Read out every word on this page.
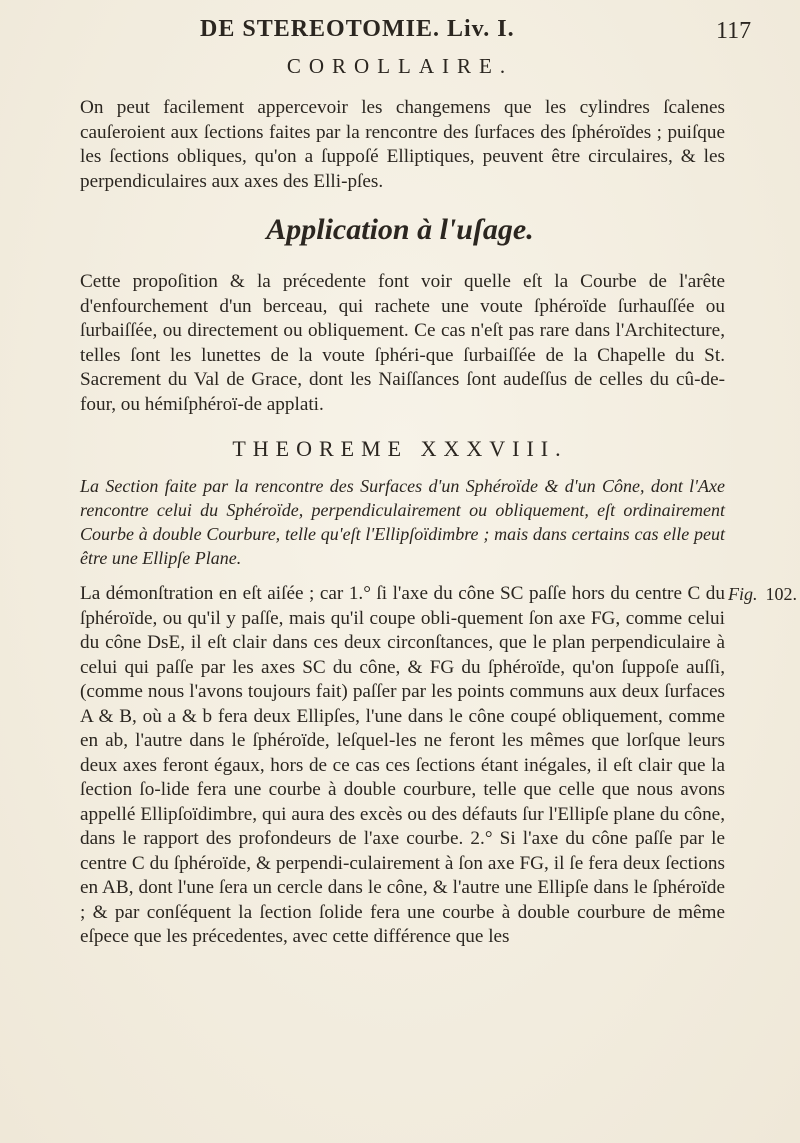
DE STEREOTOMIE. Liv. I.	117
COROLLAIRE.

On peut facilement appercevoir les changemens que les cylindres ſcalenes cauſeroient aux ſections faites par la rencontre des ſurfaces des ſphéroïdes ; puiſque les ſections obliques, qu'on a ſuppoſé Elliptiques, peuvent être circulaires, & les perpendiculaires aux axes des Elli-pſes.

Application à l'uſage.

Cette propoſition & la précedente font voir quelle eſt la Courbe de l'arête d'enfourchement d'un berceau, qui rachete une voute ſphéroïde ſurhauſſée ou ſurbaiſſée, ou directement ou obliquement. Ce cas n'eſt pas rare dans l'Architecture, telles ſont les lunettes de la voute ſphéri-que ſurbaiſſée de la Chapelle du St. Sacrement du Val de Grace, dont les Naiſſances ſont audeſſus de celles du cû-de-four, ou hémiſphéroï-de applati.

THEOREME XXXVIII.

La Section faite par la rencontre des Surfaces d'un Sphéroïde & d'un Cône, dont l'Axe rencontre celui du Sphéroïde, perpendiculairement ou obliquement, eſt ordinairement Courbe à double Courbure, telle qu'eſt l'Ellipſoïdimbre ; mais dans certains cas elle peut être une Ellipſe Plane.

Fig. 102.

La démonſtration en eſt aiſée ; car 1.° ſi l'axe du cône SC paſſe hors du centre C du ſphéroïde, ou qu'il y paſſe, mais qu'il coupe obli-quement ſon axe FG, comme celui du cône DsE, il eſt clair dans ces deux circonſtances, que le plan perpendiculaire à celui qui paſſe par les axes SC du cône, & FG du ſphéroïde, qu'on ſuppoſe auſſi, (comme nous l'avons toujours fait) paſſer par les points communs aux deux ſurfaces A & B, où a & b fera deux Ellipſes, l'une dans le cône coupé obliquement, comme en ab, l'autre dans le ſphéroïde, leſquel-les ne feront les mêmes que lorſque leurs deux axes feront égaux, hors de ce cas ces ſections étant inégales, il eſt clair que la ſection ſo-lide fera une courbe à double courbure, telle que celle que nous avons appellé Ellipſoïdimbre, qui aura des excès ou des défauts ſur l'Ellipſe plane du cône, dans le rapport des profondeurs de l'axe courbe. 2.° Si l'axe du cône paſſe par le centre C du ſphéroïde, & perpendi-culairement à ſon axe FG, il ſe fera deux ſections en AB, dont l'une ſera un cercle dans le cône, & l'autre une Ellipſe dans le ſphéroïde ; & par conſéquent la ſection ſolide fera une courbe à double courbure de même eſpece que les précedentes, avec cette différence que les
